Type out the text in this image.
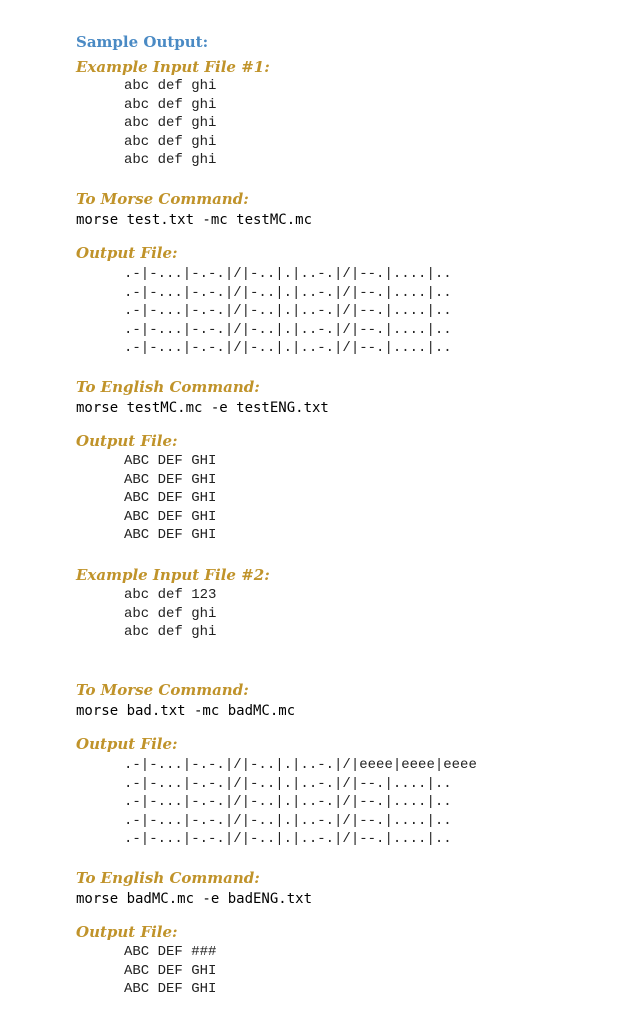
Sample Output:
Example Input File #1:
abc def ghi
abc def ghi
abc def ghi
abc def ghi
abc def ghi
To Morse Command:
morse test.txt -mc testMC.mc
Output File:
.-|-...|-.-.|/|-..|.|..-.|/|--.|....|..
.-|-...|-.-.|/|-..|.|..-.|/|--.|....|..
.-|-...|-.-.|/|-..|.|..-.|/|--.|....|..
.-|-...|-.-.|/|-..|.|..-.|/|--.|....|..
.-|-...|-.-.|/|-..|.|..-.|/|--.|....|..
To English Command:
morse testMC.mc -e testENG.txt
Output File:
ABC DEF GHI
ABC DEF GHI
ABC DEF GHI
ABC DEF GHI
ABC DEF GHI
Example Input File #2:
abc def 123
abc def ghi
abc def ghi
To Morse Command:
morse bad.txt -mc badMC.mc
Output File:
.-|-...|-.-.|/|-..|.|..-.|/|eeee|eeee|eeee
.-|-...|-.-.|/|-..|.|..-.|/|--.|....|..
.-|-...|-.-.|/|-..|.|..-.|/|--.|....|..
.-|-...|-.-.|/|-..|.|..-.|/|--.|....|..
.-|-...|-.-.|/|-..|.|..-.|/|--.|....|..
To English Command:
morse badMC.mc -e badENG.txt
Output File:
ABC DEF ###
ABC DEF GHI
ABC DEF GHI
